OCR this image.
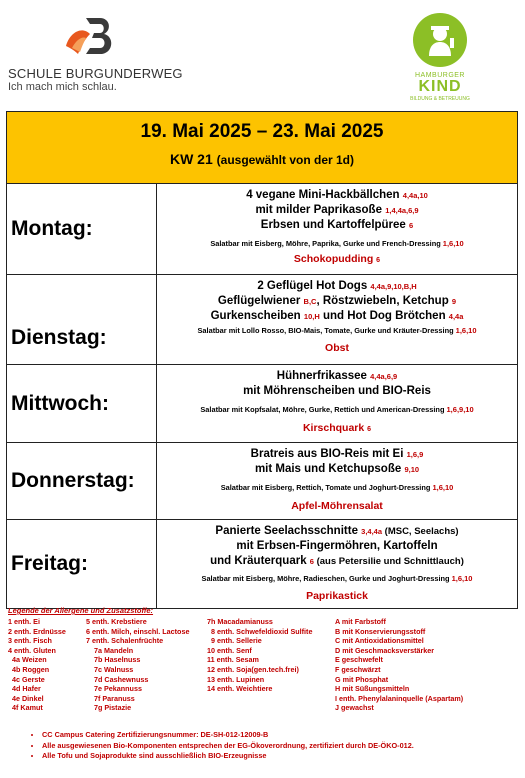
SCHULE BURGUNDERWEG
Ich mach mich schlau.
HAMBURGER
KIND
BILDUNG & BETREUUNG
19. Mai 2025 – 23. Mai 2025
KW 21 (ausgewählt von der 1d)
Montag:
4 vegane Mini-Hackbällchen 4,4a,10
mit milder Paprikasoße 1,4,4a,6,9
Erbsen und Kartoffelpüree 6
Salatbar mit Eisberg, Möhre, Paprika, Gurke und French-Dressing 1,6,10
Schokopudding 6
Dienstag:
2 Geflügel Hot Dogs 4,4a,9,10,B,H
Geflügelwiener B,C, Röstzwiebeln, Ketchup 9
Gurkenscheiben 10,H und Hot Dog Brötchen 4,4a
Salatbar mit Lollo Rosso, BIO-Mais, Tomate, Gurke und Kräuter-Dressing 1,6,10
Obst
Mittwoch:
Hühnerfrikassee 4,4a,6,9
mit Möhrenscheiben und BIO-Reis
Salatbar mit Kopfsalat, Möhre, Gurke, Rettich und American-Dressing 1,6,9,10
Kirschquark 6
Donnerstag:
Bratreis aus BIO-Reis mit Ei 1,6,9
mit Mais und Ketchupsoße 9,10
Salatbar mit Eisberg, Rettich, Tomate und Joghurt-Dressing 1,6,10
Apfel-Möhrensalat
Freitag:
Panierte Seelachsschnitte 3,4,4a (MSC, Seelachs)
mit Erbsen-Fingermöhren, Kartoffeln
und Kräuterquark 6 (aus Petersilie und Schnittlauch)
Salatbar mit Eisberg, Möhre, Radieschen, Gurke und Joghurt-Dressing 1,6,10
Paprikastick
Legende der Allergene und Zusatzstoffe:
1 enth. Ei
2 enth. Erdnüsse
3 enth. Fisch
4 enth. Gluten
4a Weizen
4b Roggen
4c Gerste
4d Hafer
4e Dinkel
4f Kamut
5 enth. Krebstiere
6 enth. Milch, einschl. Lactose
7 enth. Schalenfrüchte
7a Mandeln
7b Haselnuss
7c Walnuss
7d Cashewnuss
7e Pekannuss
7f Paranuss
7g Pistazie
7h Macadamianuss
8 enth. Schwefeldioxid Sulfite
9 enth. Sellerie
10 enth. Senf
11 enth. Sesam
12 enth. Soja(gen.tech.frei)
13 enth. Lupinen
14 enth. Weichtiere
A mit Farbstoff
B mit Konservierungsstoff
C mit Antioxidationsmittel
D mit Geschmacksverstärker
E geschwefelt
F geschwärzt
G mit Phosphat
H mit Süßungsmitteln
I enth. Phenylalaninquelle (Aspartam)
J gewachst
• CC Campus Catering Zertifizierungsnummer: DE-SH-012-12009-B
• Alle ausgewiesenen Bio-Komponenten entsprechen der EG-Ökoverordnung, zertifiziert durch DE-ÖKO-012.
• Alle Tofu und Sojaprodukte sind ausschließlich BIO-Erzeugnisse
